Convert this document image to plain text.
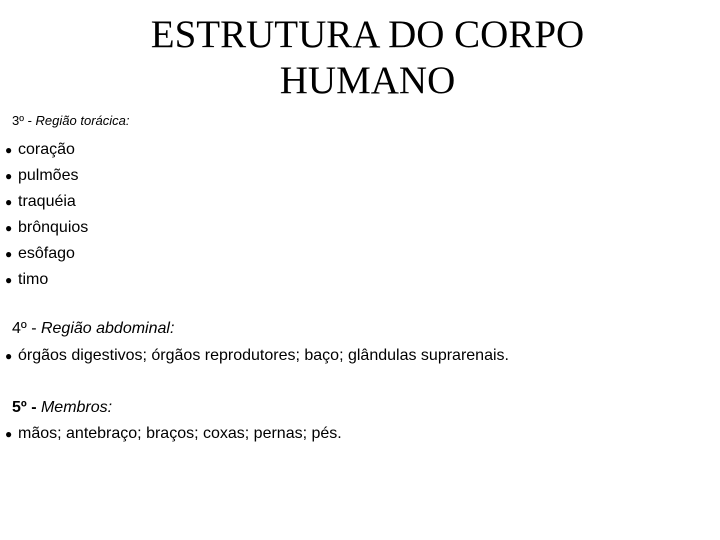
ESTRUTURA DO CORPO
HUMANO
3º - Região torácica:
● coração
● pulmões
● traquéia
● brônquios
● esôfago
● timo
4º - Região abdominal:
● órgãos digestivos; órgãos reprodutores; baço; glândulas suprarenais.
5º - Membros:
● mãos; antebraço; braços; coxas; pernas; pés.
